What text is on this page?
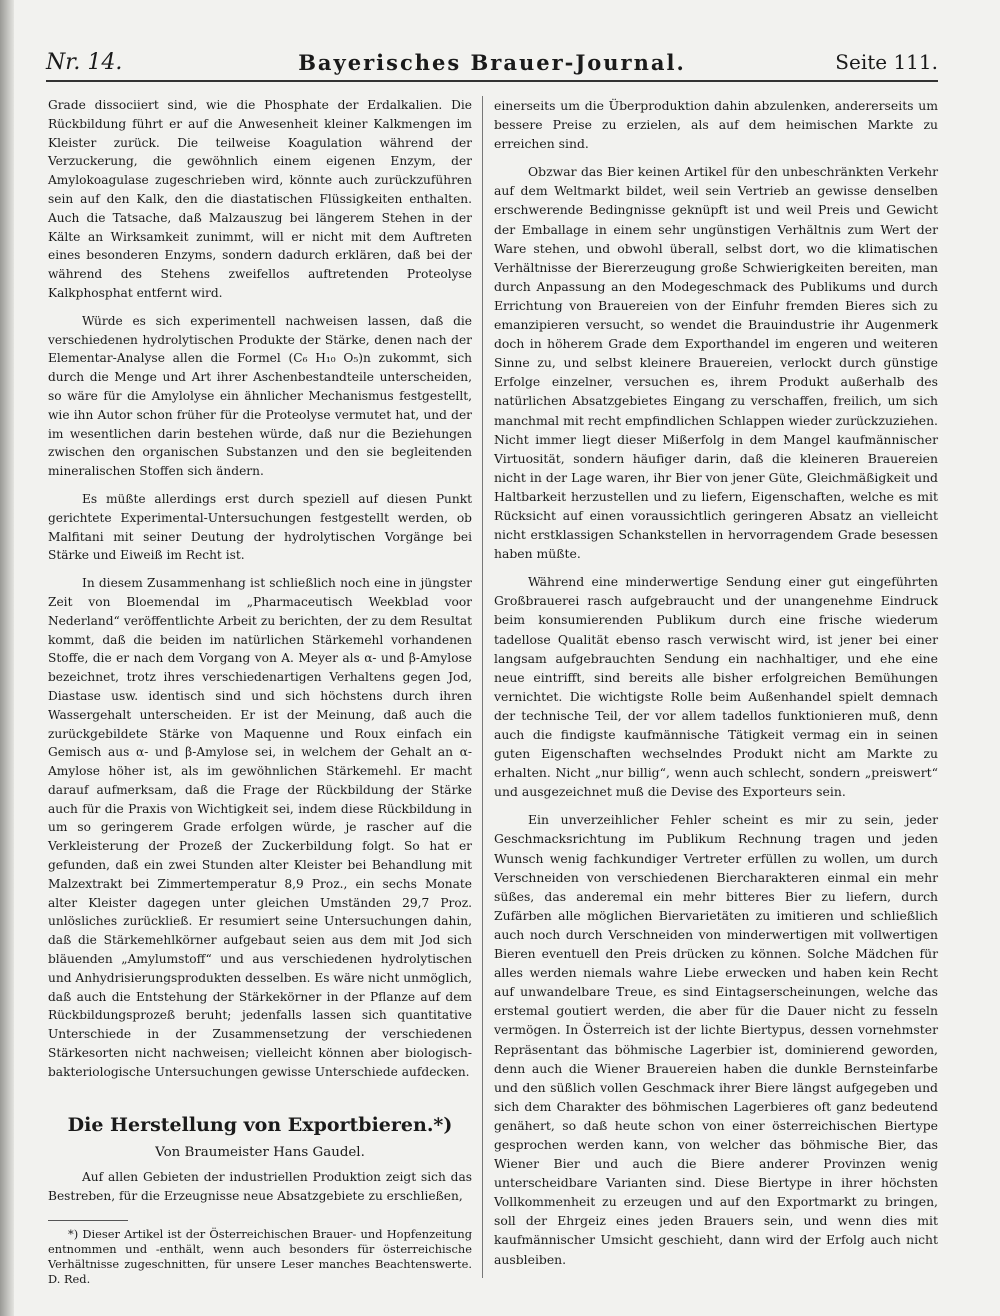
Nr. 14.	Bayerisches Brauer-Journal.	Seite 111.

Grade dissociiert sind, wie die Phosphate der Erdalkalien. Die Rückbildung führt er auf die Anwesenheit kleiner Kalkmengen im Kleister zurück. Die teilweise Koagulation während der Verzuckerung, die gewöhnlich einem eigenen Enzym, der Amylokoagulase zugeschrieben wird, könnte auch zurückzuführen sein auf den Kalk, den die diastatischen Flüssigkeiten enthalten. Auch die Tatsache, daß Malzauszug bei längerem Stehen in der Kälte an Wirksamkeit zunimmt, will er nicht mit dem Auftreten eines besonderen Enzyms, sondern dadurch erklären, daß bei der während des Stehens zweifellos auftretenden Proteolyse Kalkphosphat entfernt wird.

Würde es sich experimentell nachweisen lassen, daß die verschiedenen hydrolytischen Produkte der Stärke, denen nach der Elementar-Analyse allen die Formel (C₆ H₁₀ O₅)n zukommt, sich durch die Menge und Art ihrer Aschenbestandteile unterscheiden, so wäre für die Amylolyse ein ähnlicher Mechanismus festgestellt, wie ihn Autor schon früher für die Proteolyse vermutet hat, und der im wesentlichen darin bestehen würde, daß nur die Beziehungen zwischen den organischen Substanzen und den sie begleitenden mineralischen Stoffen sich ändern.

Es müßte allerdings erst durch speziell auf diesen Punkt gerichtete Experimental-Untersuchungen festgestellt werden, ob Malfitani mit seiner Deutung der hydrolytischen Vorgänge bei Stärke und Eiweiß im Recht ist.

In diesem Zusammenhang ist schließlich noch eine in jüngster Zeit von Bloemendal im „Pharmaceutisch Weekblad voor Nederland“ veröffentlichte Arbeit zu berichten, der zu dem Resultat kommt, daß die beiden im natürlichen Stärkemehl vorhandenen Stoffe, die er nach dem Vorgang von A. Meyer als α- und β-Amylose bezeichnet, trotz ihres verschiedenartigen Verhaltens gegen Jod, Diastase usw. identisch sind und sich höchstens durch ihren Wassergehalt unterscheiden. Er ist der Meinung, daß auch die zurückgebildete Stärke von Maquenne und Roux einfach ein Gemisch aus α- und β-Amylose sei, in welchem der Gehalt an α-Amylose höher ist, als im gewöhnlichen Stärkemehl. Er macht darauf aufmerksam, daß die Frage der Rückbildung der Stärke auch für die Praxis von Wichtigkeit sei, indem diese Rückbildung in um so geringerem Grade erfolgen würde, je rascher auf die Verkleisterung der Prozeß der Zuckerbildung folgt. So hat er gefunden, daß ein zwei Stunden alter Kleister bei Behandlung mit Malzextrakt bei Zimmertemperatur 8,9 Proz., ein sechs Monate alter Kleister dagegen unter gleichen Umständen 29,7 Proz. unlösliches zurückließ. Er resumiert seine Untersuchungen dahin, daß die Stärkemehlkörner aufgebaut seien aus dem mit Jod sich bläuenden „Amylumstoff“ und aus verschiedenen hydrolytischen und Anhydrisierungsprodukten desselben. Es wäre nicht unmöglich, daß auch die Entstehung der Stärkekörner in der Pflanze auf dem Rückbildungsprozeß beruht; jedenfalls lassen sich quantitative Unterschiede in der Zusammensetzung der verschiedenen Stärkesorten nicht nachweisen; vielleicht können aber biologisch-bakteriologische Untersuchungen gewisse Unterschiede aufdecken.

Die Herstellung von Exportbieren.*)
Von Braumeister Hans Gaudel.

Auf allen Gebieten der industriellen Produktion zeigt sich das Bestreben, für die Erzeugnisse neue Absatzgebiete zu erschließen,

*) Dieser Artikel ist der Österreichischen Brauer- und Hopfenzeitung entnommen und -enthält, wenn auch besonders für österreichische Verhältnisse zugeschnitten, für unsere Leser manches Beachtenswerte. D. Red.

einerseits um die Überproduktion dahin abzulenken, andererseits um bessere Preise zu erzielen, als auf dem heimischen Markte zu erreichen sind.

Obzwar das Bier keinen Artikel für den unbeschränkten Verkehr auf dem Weltmarkt bildet, weil sein Vertrieb an gewisse denselben erschwerende Bedingnisse geknüpft ist und weil Preis und Gewicht der Emballage in einem sehr ungünstigen Verhältnis zum Wert der Ware stehen, und obwohl überall, selbst dort, wo die klimatischen Verhältnisse der Biererzeugung große Schwierigkeiten bereiten, man durch Anpassung an den Modegeschmack des Publikums und durch Errichtung von Brauereien von der Einfuhr fremden Bieres sich zu emanzipieren versucht, so wendet die Brauindustrie ihr Augenmerk doch in höherem Grade dem Exporthandel im engeren und weiteren Sinne zu, und selbst kleinere Brauereien, verlockt durch günstige Erfolge einzelner, versuchen es, ihrem Produkt außerhalb des natürlichen Absatzgebietes Eingang zu verschaffen, freilich, um sich manchmal mit recht empfindlichen Schlappen wieder zurückzuziehen. Nicht immer liegt dieser Mißerfolg in dem Mangel kaufmännischer Virtuosität, sondern häufiger darin, daß die kleineren Brauereien nicht in der Lage waren, ihr Bier von jener Güte, Gleichmäßigkeit und Haltbarkeit herzustellen und zu liefern, Eigenschaften, welche es mit Rücksicht auf einen voraussichtlich geringeren Absatz an vielleicht nicht erstklassigen Schankstellen in hervorragendem Grade besessen haben müßte.

Während eine minderwertige Sendung einer gut eingeführten Großbrauerei rasch aufgebraucht und der unangenehme Eindruck beim konsumierenden Publikum durch eine frische wiederum tadellose Qualität ebenso rasch verwischt wird, ist jener bei einer langsam aufgebrauchten Sendung ein nachhaltiger, und ehe eine neue eintrifft, sind bereits alle bisher erfolgreichen Bemühungen vernichtet. Die wichtigste Rolle beim Außenhandel spielt demnach der technische Teil, der vor allem tadellos funktionieren muß, denn auch die findigste kaufmännische Tätigkeit vermag ein in seinen guten Eigenschaften wechselndes Produkt nicht am Markte zu erhalten. Nicht „nur billig“, wenn auch schlecht, sondern „preiswert“ und ausgezeichnet muß die Devise des Exporteurs sein.

Ein unverzeihlicher Fehler scheint es mir zu sein, jeder Geschmacksrichtung im Publikum Rechnung tragen und jeden Wunsch wenig fachkundiger Vertreter erfüllen zu wollen, um durch Verschneiden von verschiedenen Biercharakteren einmal ein mehr süßes, das anderemal ein mehr bitteres Bier zu liefern, durch Zufärben alle möglichen Biervarietäten zu imitieren und schließlich auch noch durch Verschneiden von minderwertigen mit vollwertigen Bieren eventuell den Preis drücken zu können. Solche Mädchen für alles werden niemals wahre Liebe erwecken und haben kein Recht auf unwandelbare Treue, es sind Eintagserscheinungen, welche das erstemal goutiert werden, die aber für die Dauer nicht zu fesseln vermögen. In Österreich ist der lichte Biertypus, dessen vornehmster Repräsentant das böhmische Lagerbier ist, dominierend geworden, denn auch die Wiener Brauereien haben die dunkle Bernsteinfarbe und den süßlich vollen Geschmack ihrer Biere längst aufgegeben und sich dem Charakter des böhmischen Lagerbieres oft ganz bedeutend genähert, so daß heute schon von einer österreichischen Biertype gesprochen werden kann, von welcher das böhmische Bier, das Wiener Bier und auch die Biere anderer Provinzen wenig unterscheidbare Varianten sind. Diese Biertype in ihrer höchsten Vollkommenheit zu erzeugen und auf den Exportmarkt zu bringen, soll der Ehrgeiz eines jeden Brauers sein, und wenn dies mit kaufmännischer Umsicht geschieht, dann wird der Erfolg auch nicht ausbleiben.
